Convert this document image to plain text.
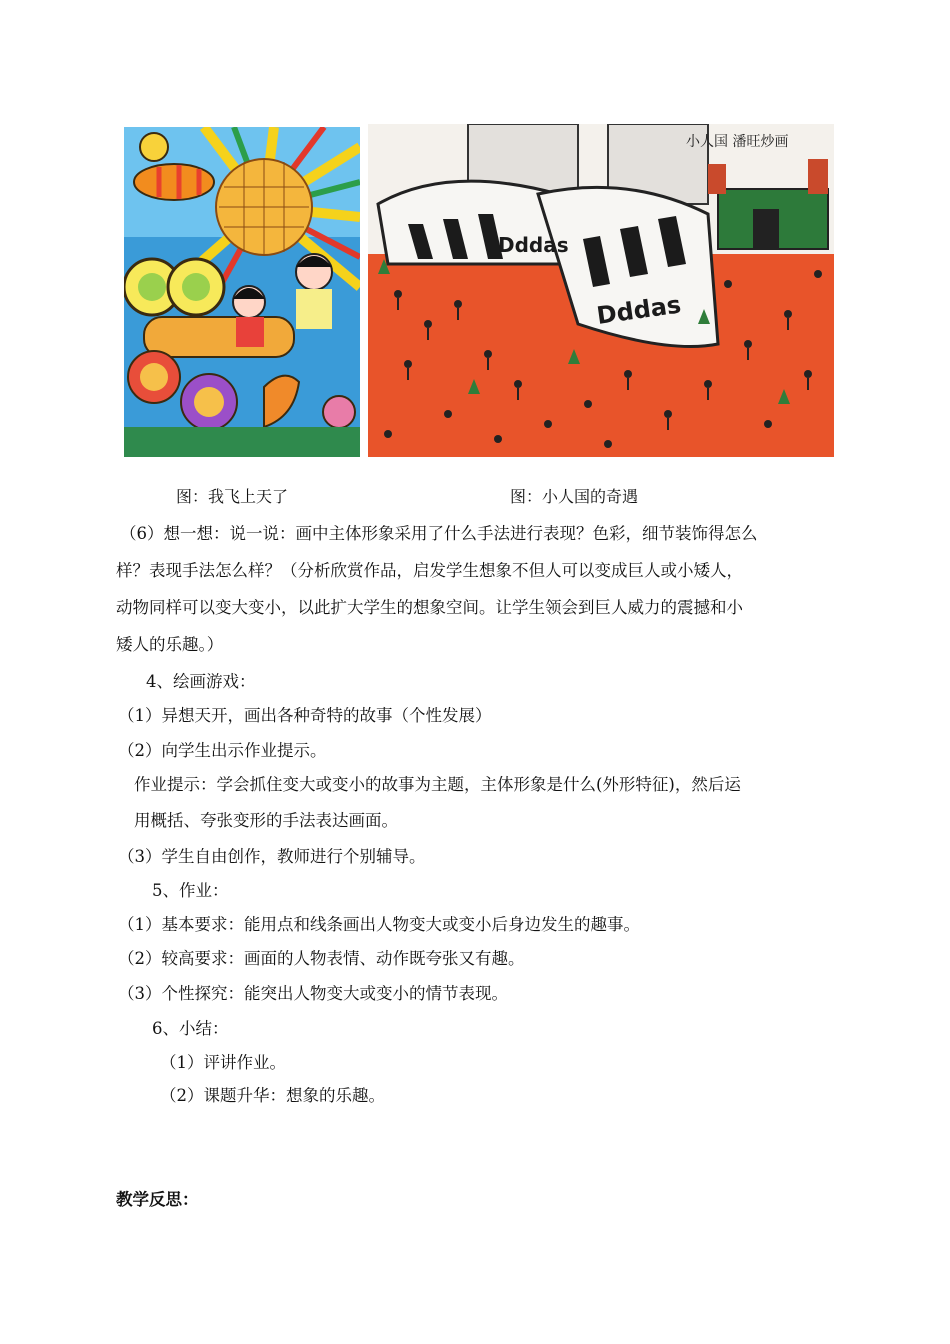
Dddas
Dddas
小人国 潘旺炒画
图：我飞上天了	图：小人国的奇遇
（6）想一想：说一说：画中主体形象采用了什么手法进行表现？色彩，细节装饰得怎么
样？表现手法怎么样？（分析欣赏作品，启发学生想象不但人可以变成巨人或小矮人，
动物同样可以变大变小，以此扩大学生的想象空间。让学生领会到巨人威力的震撼和小
矮人的乐趣。）
4、绘画游戏：
（1）异想天开，画出各种奇特的故事（个性发展）
（2）向学生出示作业提示。
作业提示：学会抓住变大或变小的故事为主题，主体形象是什么(外形特征)，然后运
用概括、夸张变形的手法表达画面。
（3）学生自由创作，教师进行个别辅导。
5、作业：
（1）基本要求：能用点和线条画出人物变大或变小后身边发生的趣事。
（2）较高要求：画面的人物表情、动作既夸张又有趣。
（3）个性探究：能突出人物变大或变小的情节表现。
6、小结：
（1）评讲作业。
（2）课题升华：想象的乐趣。
教学反思：
